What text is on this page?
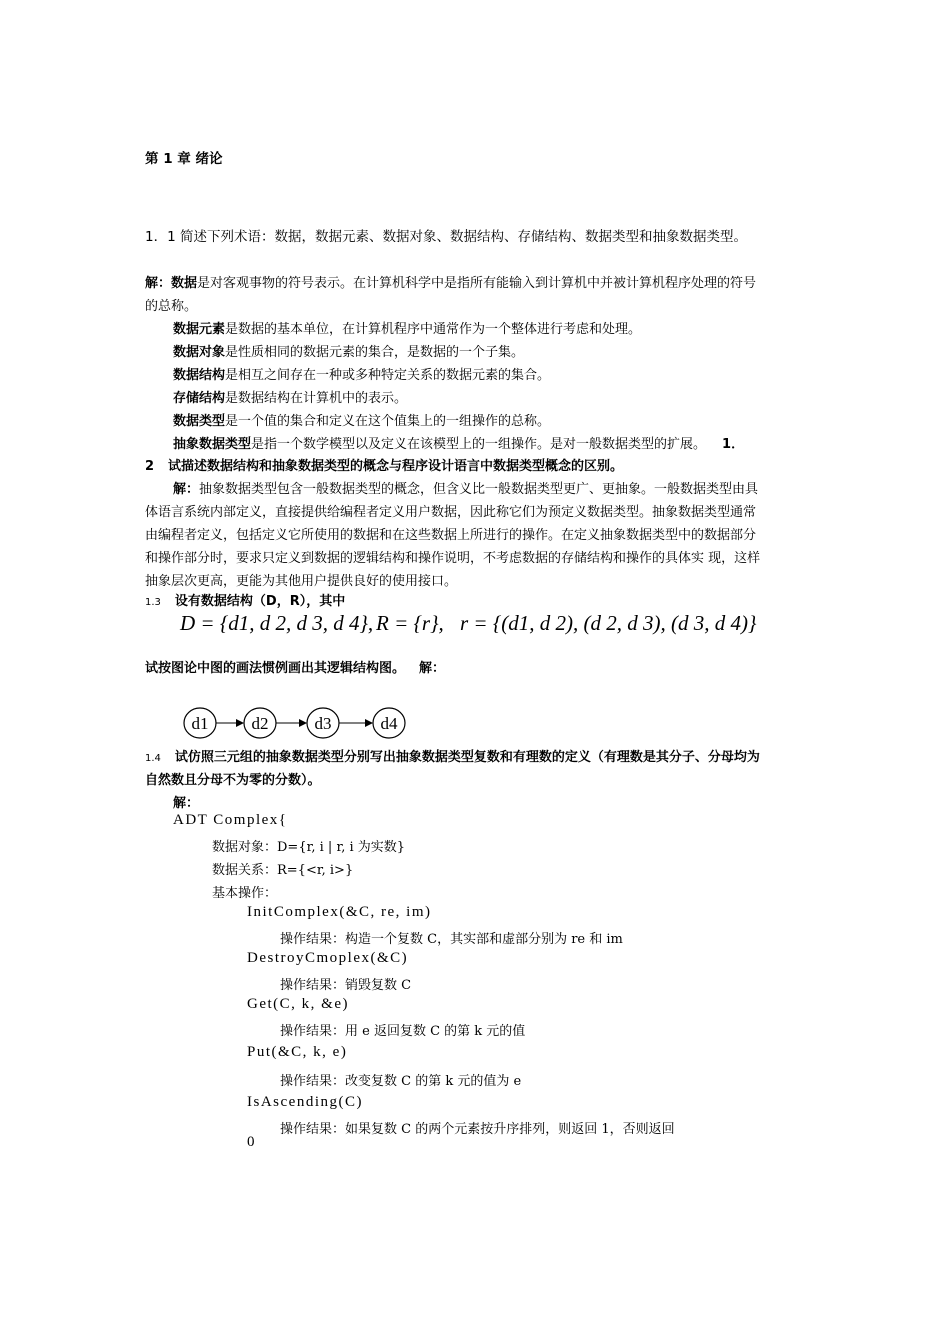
第 1 章 绪论
1．1 简述下列术语：数据，数据元素、数据对象、数据结构、存储结构、数据类型和抽象数据类型。
解：数据是对客观事物的符号表示。在计算机科学中是指所有能输入到计算机中并被计算机程序处理的符号
的总称。
数据元素是数据的基本单位，在计算机程序中通常作为一个整体进行考虑和处理。
数据对象是性质相同的数据元素的集合，是数据的一个子集。
数据结构是相互之间存在一种或多种特定关系的数据元素的集合。
存储结构是数据结构在计算机中的表示。
数据类型是一个值的集合和定义在这个值集上的一组操作的总称。
抽象数据类型是指一个数学模型以及定义在该模型上的一组操作。是对一般数据类型的扩展。 1．
2 试描述数据结构和抽象数据类型的概念与程序设计语言中数据类型概念的区别。
解：抽象数据类型包含一般数据类型的概念，但含义比一般数据类型更广、更抽象。一般数据类型由具
体语言系统内部定义，直接提供给编程者定义用户数据，因此称它们为预定义数据类型。抽象数据类型通常
由编程者定义，包括定义它所使用的数据和在这些数据上所进行的操作。在定义抽象数据类型中的数据部分
和操作部分时，要求只定义到数据的逻辑结构和操作说明，不考虑数据的存储结构和操作的具体实 现，这样
抽象层次更高，更能为其他用户提供良好的使用接口。
1.3 设有数据结构（D，R），其中
D = {d1, d 2, d 3, d 4}, R = {r}, r = {(d1, d 2), (d 2, d 3), (d 3, d 4)}
试按图论中图的画法惯例画出其逻辑结构图。 解：
d1	d2	d3	d4
1.4 试仿照三元组的抽象数据类型分别写出抽象数据类型复数和有理数的定义（有理数是其分子、分母均为
自然数且分母不为零的分数）。
解：
ADT Complex{
数据对象：D={r, i | r, i 为实数}
数据关系：R={<r, i>}
基本操作：
InitComplex(&C, re, im)
操作结果：构造一个复数 C，其实部和虚部分别为 re 和 im
DestroyCmoplex(&C)
操作结果：销毁复数 C
Get(C, k, &e)
操作结果：用 e 返回复数 C 的第 k 元的值
Put(&C, k, e)
操作结果：改变复数 C 的第 k 元的值为 e
IsAscending(C)
操作结果：如果复数 C 的两个元素按升序排列，则返回 1，否则返回
0
